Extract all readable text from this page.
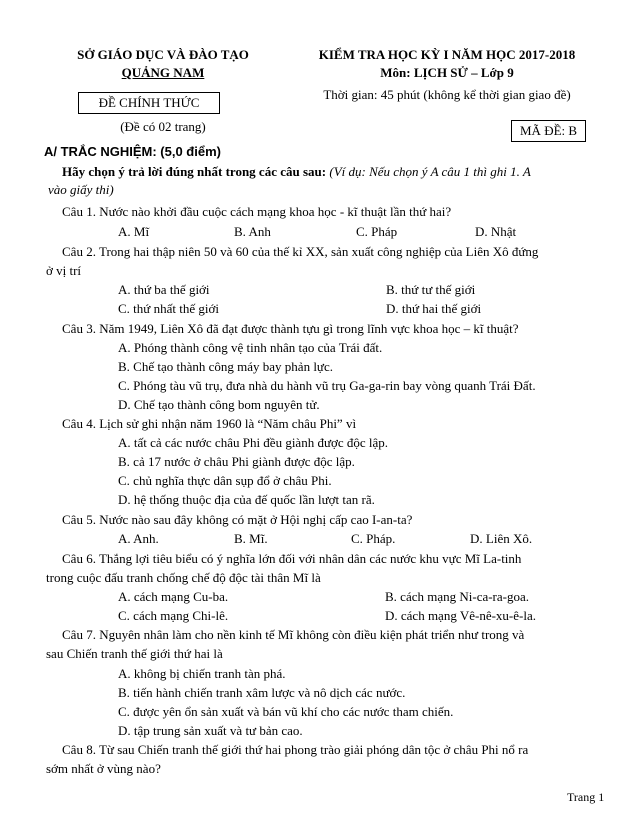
SỞ GIÁO DỤC VÀ ĐÀO TẠO
QUẢNG NAM
ĐỀ CHÍNH THỨC
(Đề có 02 trang)
KIỂM TRA HỌC KỲ I NĂM HỌC 2017-2018
Môn: LỊCH SỬ – Lớp 9
Thời gian: 45 phút (không kể thời gian giao đề)
MÃ ĐỀ: B
A/ TRẮC NGHIỆM: (5,0 điểm)
Hãy chọn ý trả lời đúng nhất trong các câu sau: (Ví dụ: Nếu chọn ý A câu 1 thì ghi 1. A
vào giấy thi)
Câu 1. Nước nào khởi đầu cuộc cách mạng khoa học - kĩ thuật lần thứ hai?
A. Mĩ	B. Anh	C. Pháp	D. Nhật
Câu 2. Trong hai thập niên 50 và 60 của thế kỉ XX, sản xuất công nghiệp của Liên Xô đứng
ở vị trí
A. thứ ba thế giới	B. thứ tư thế giới
C. thứ nhất thế giới	D. thứ hai thế giới
Câu 3. Năm 1949, Liên Xô đã đạt được thành tựu gì trong lĩnh vực khoa học – kĩ thuật?
A. Phóng thành công vệ tinh nhân tạo của Trái đất.
B. Chế tạo thành công máy bay phản lực.
C. Phóng tàu vũ trụ, đưa nhà du hành vũ trụ Ga-ga-rin bay vòng quanh Trái Đất.
D. Chế tạo thành công bom nguyên tử.
Câu 4. Lịch sử ghi nhận năm 1960 là “Năm châu Phi” vì
A. tất cả các nước châu Phi đều giành được độc lập.
B. cả 17 nước ở châu Phi giành được độc lập.
C. chủ nghĩa thực dân sụp đổ ở châu Phi.
D. hệ thống thuộc địa của đế quốc lần lượt tan rã.
Câu 5. Nước nào sau đây không có mặt ở Hội nghị cấp cao I-an-ta?
A. Anh.	B. Mĩ.	C. Pháp.	D. Liên Xô.
Câu 6. Thắng lợi tiêu biểu có ý nghĩa lớn đối với nhân dân các nước khu vực Mĩ La-tinh
trong cuộc đấu tranh chống chế độ độc tài thân Mĩ là
A. cách mạng Cu-ba.	B. cách mạng Ni-ca-ra-goa.
C. cách mạng Chi-lê.	D. cách mạng Vê-nê-xu-ê-la.
Câu 7. Nguyên nhân làm cho nền kinh tế Mĩ không còn điều kiện phát triển như trong và
sau Chiến tranh thế giới thứ hai là
A. không bị chiến tranh tàn phá.
B. tiến hành chiến tranh xâm lược và nô dịch các nước.
C. được yên ổn sản xuất và bán vũ khí cho các nước tham chiến.
D. tập trung sản xuất và tư bản cao.
Câu 8. Từ sau Chiến tranh thế giới thứ hai phong trào giải phóng dân tộc ở châu Phi nổ ra
sớm nhất ở vùng nào?
Trang 1
